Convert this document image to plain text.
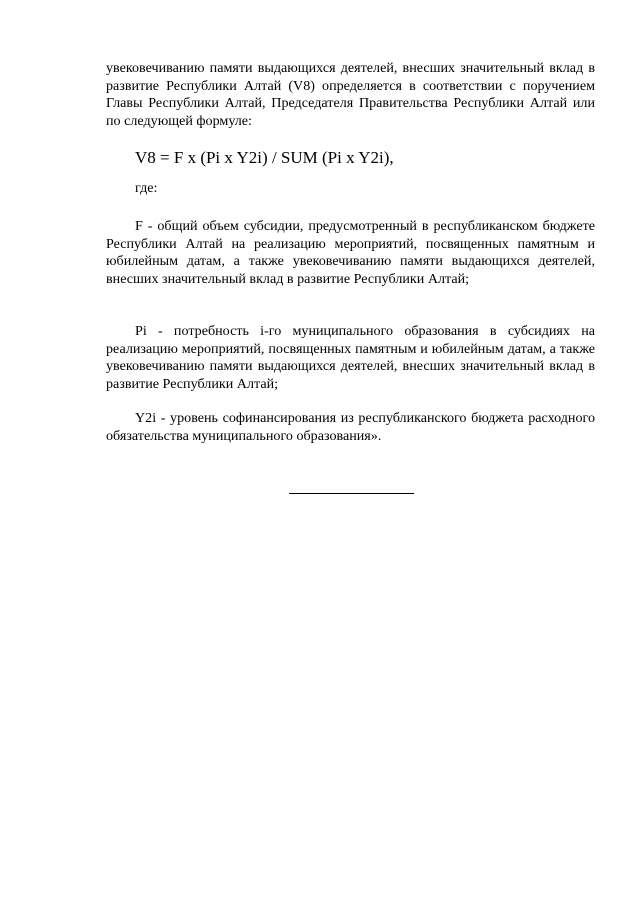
увековечиванию памяти выдающихся деятелей, внесших значительный вклад в развитие Республики Алтай (V8) определяется в соответствии с поручением Главы Республики Алтай, Председателя Правительства Республики Алтай или по следующей формуле:

V8 = F x (Pi x Y2i) / SUM (Pi x Y2i),

где:

F - общий объем субсидии, предусмотренный в республиканском бюджете Республики Алтай на реализацию мероприятий, посвященных памятным и юбилейным датам, а также увековечиванию памяти выдающихся деятелей, внесших значительный вклад в развитие Республики Алтай;

Pi - потребность i-го муниципального образования в субсидиях на реализацию мероприятий, посвященных памятным и юбилейным датам, а также увековечиванию памяти выдающихся деятелей, внесших значительный вклад в развитие Республики Алтай;

Y2i - уровень софинансирования из республиканского бюджета расходного обязательства муниципального образования».
